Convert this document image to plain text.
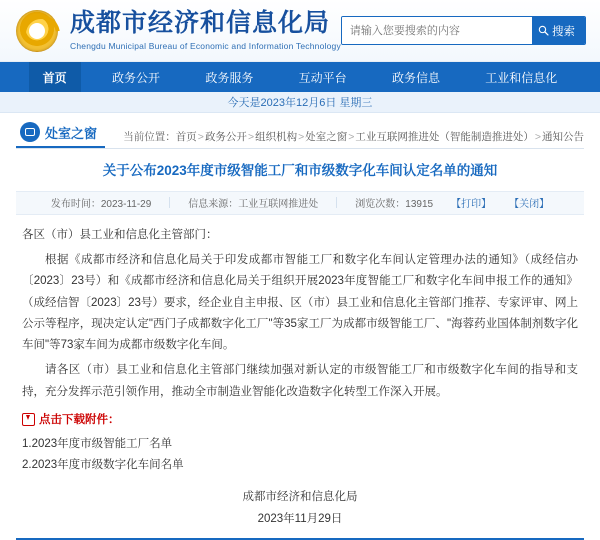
成都市经济和信息化局
Chengdu Municipal Bureau of Economic and Information Technology
请输入您要搜索的内容
搜索
首页	政务公开	政务服务	互动平台	政务信息	工业和信息化
今天是2023年12月6日 星期三
处室之窗	当前位置：首页>政务公开>组织机构>处室之窗>工业互联网推进处（智能制造推进处）>通知公告
关于公布2023年度市级智能工厂和市级数字化车间认定名单的通知
发布时间：2023-11-29	信息来源：工业互联网推进处	浏览次数：13915 【打印】 【关闭】

各区（市）县工业和信息化主管部门：

根据《成都市经济和信息化局关于印发成都市智能工厂和数字化车间认定管理办法的通知》（成经信办〔2023〕23号）和《成都市经济和信息化局关于组织开展2023年度智能工厂和数字化车间申报工作的通知》（成经信智〔2023〕23号）要求，经企业自主申报、区（市）县工业和信息化主管部门推荐、专家评审、网上公示等程序，现决定认定"西门子成都数字化工厂"等35家工厂为成都市级智能工厂、"海蓉药业国体制剂数字化车间"等73家车间为成都市级数字化车间。

请各区（市）县工业和信息化主管部门继续加强对新认定的市级智能工厂和市级数字化车间的指导和支持，充分发挥示范引领作用，推动全市制造业智能化改造数字化转型工作深入开展。

点击下载附件：
1.2023年度市级智能工厂名单
2.2023年度市级数字化车间名单
成都市经济和信息化局
2023年11月29日
